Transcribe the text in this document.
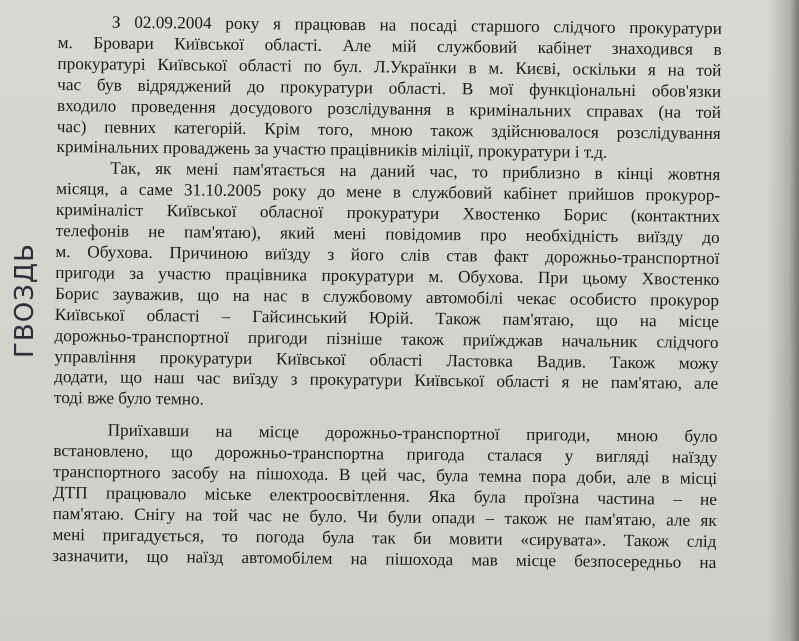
ГВОЗДЬ
З 02.09.2004 року я працював на посаді старшого слідчого прокуратури
м. Бровари Київської області. Але мій службовий кабінет знаходився в
прокуратурі Київської області по бул. Л.Українки в м. Києві, оскільки я на той
час був відряджений до прокуратури області. В мої функціональні обов'язки
входило проведення досудового розслідування в кримінальних справах (на той
час) певних категорій. Крім того, мною також здійснювалося розслідування
кримінальних проваджень за участю працівників міліції, прокуратури і т.д.
Так, як мені пам'ятається на даний час, то приблизно в кінці жовтня
місяця, а саме 31.10.2005 року до мене в службовий кабінет прийшов прокурор-
криміналіст Київської обласної прокуратури Хвостенко Борис (контактних
телефонів не пам'ятаю), який мені повідомив про необхідність виїзду до
м. Обухова. Причиною виїзду з його слів став факт дорожньо-транспортної
пригоди за участю працівника прокуратури м. Обухова. При цьому Хвостенко
Борис зауважив, що на нас в службовому автомобілі чекає особисто прокурор
Київської області – Гайсинський Юрій. Також пам'ятаю, що на місце
дорожньо-транспортної пригоди пізніше також приїжджав начальник слідчого
управління прокуратури Київської області Ластовка Вадив. Також можу
додати, що наш час виїзду з прокуратури Київської області я не пам'ятаю, але
тоді вже було темно.
Приїхавши на місце дорожньо-транспортної пригоди, мною було
встановлено, що дорожньо-транспортна пригода сталася у вигляді наїзду
транспортного засобу на пішохода. В цей час, була темна пора доби, але в місці
ДТП працювало міське електроосвітлення. Яка була проїзна частина – не
пам'ятаю. Снігу на той час не було. Чи були опади – також не пам'ятаю, але як
мені пригадується, то погода була так би мовити «сирувата». Також слід
зазначити, що наїзд автомобілем на пішохода мав місце безпосередньо на
